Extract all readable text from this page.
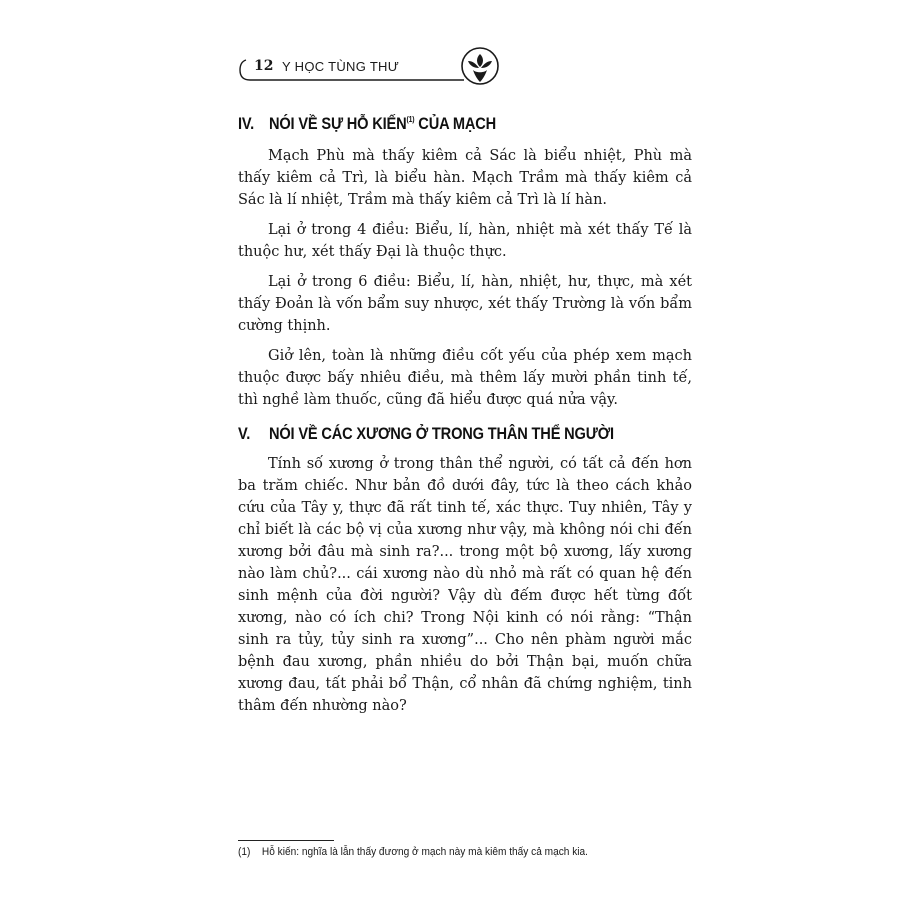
12 Y HỌC TÙNG THƯ
IV. NÓI VỀ SỰ HỖ KIẾN$^{(1)}$ CỦA MẠCH

Mạch Phù mà thấy kiêm cả Sác là biểu nhiệt, Phù mà thấy kiêm cả Trì, là biểu hàn. Mạch Trầm mà thấy kiêm cả Sác là lí nhiệt, Trầm mà thấy kiêm cả Trì là lí hàn.

Lại ở trong 4 điều: Biểu, lí, hàn, nhiệt mà xét thấy Tế là thuộc hư, xét thấy Đại là thuộc thực.

Lại ở trong 6 điều: Biểu, lí, hàn, nhiệt, hư, thực, mà xét thấy Đoản là vốn bẩm suy nhược, xét thấy Trường là vốn bẩm cường thịnh.

Giở lên, toàn là những điều cốt yếu của phép xem mạch thuộc được bấy nhiêu điều, mà thêm lấy mười phần tinh tế, thì nghề làm thuốc, cũng đã hiểu được quá nửa vậy.

V. NÓI VỀ CÁC XƯƠNG Ở TRONG THÂN THỂ NGƯỜI

Tính số xương ở trong thân thể người, có tất cả đến hơn ba trăm chiếc. Như bản đồ dưới đây, tức là theo cách khảo cứu của Tây y, thực đã rất tinh tế, xác thực. Tuy nhiên, Tây y chỉ biết là các bộ vị của xương như vậy, mà không nói chi đến xương bởi đâu mà sinh ra?... trong một bộ xương, lấy xương nào làm chủ?... cái xương nào dù nhỏ mà rất có quan hệ đến sinh mệnh của đời người? Vậy dù đếm được hết từng đốt xương, nào có ích chi? Trong Nội kinh có nói rằng: “Thận sinh ra tủy, tủy sinh ra xương”... Cho nên phàm người mắc bệnh đau xương, phần nhiều do bởi Thận bại, muốn chữa xương đau, tất phải bổ Thận, cổ nhân đã chứng nghiệm, tinh thâm đến nhường nào?

(1) Hỗ kiến: nghĩa là lẫn thấy đương ở mạch này mà kiêm thấy cả mạch kia.
